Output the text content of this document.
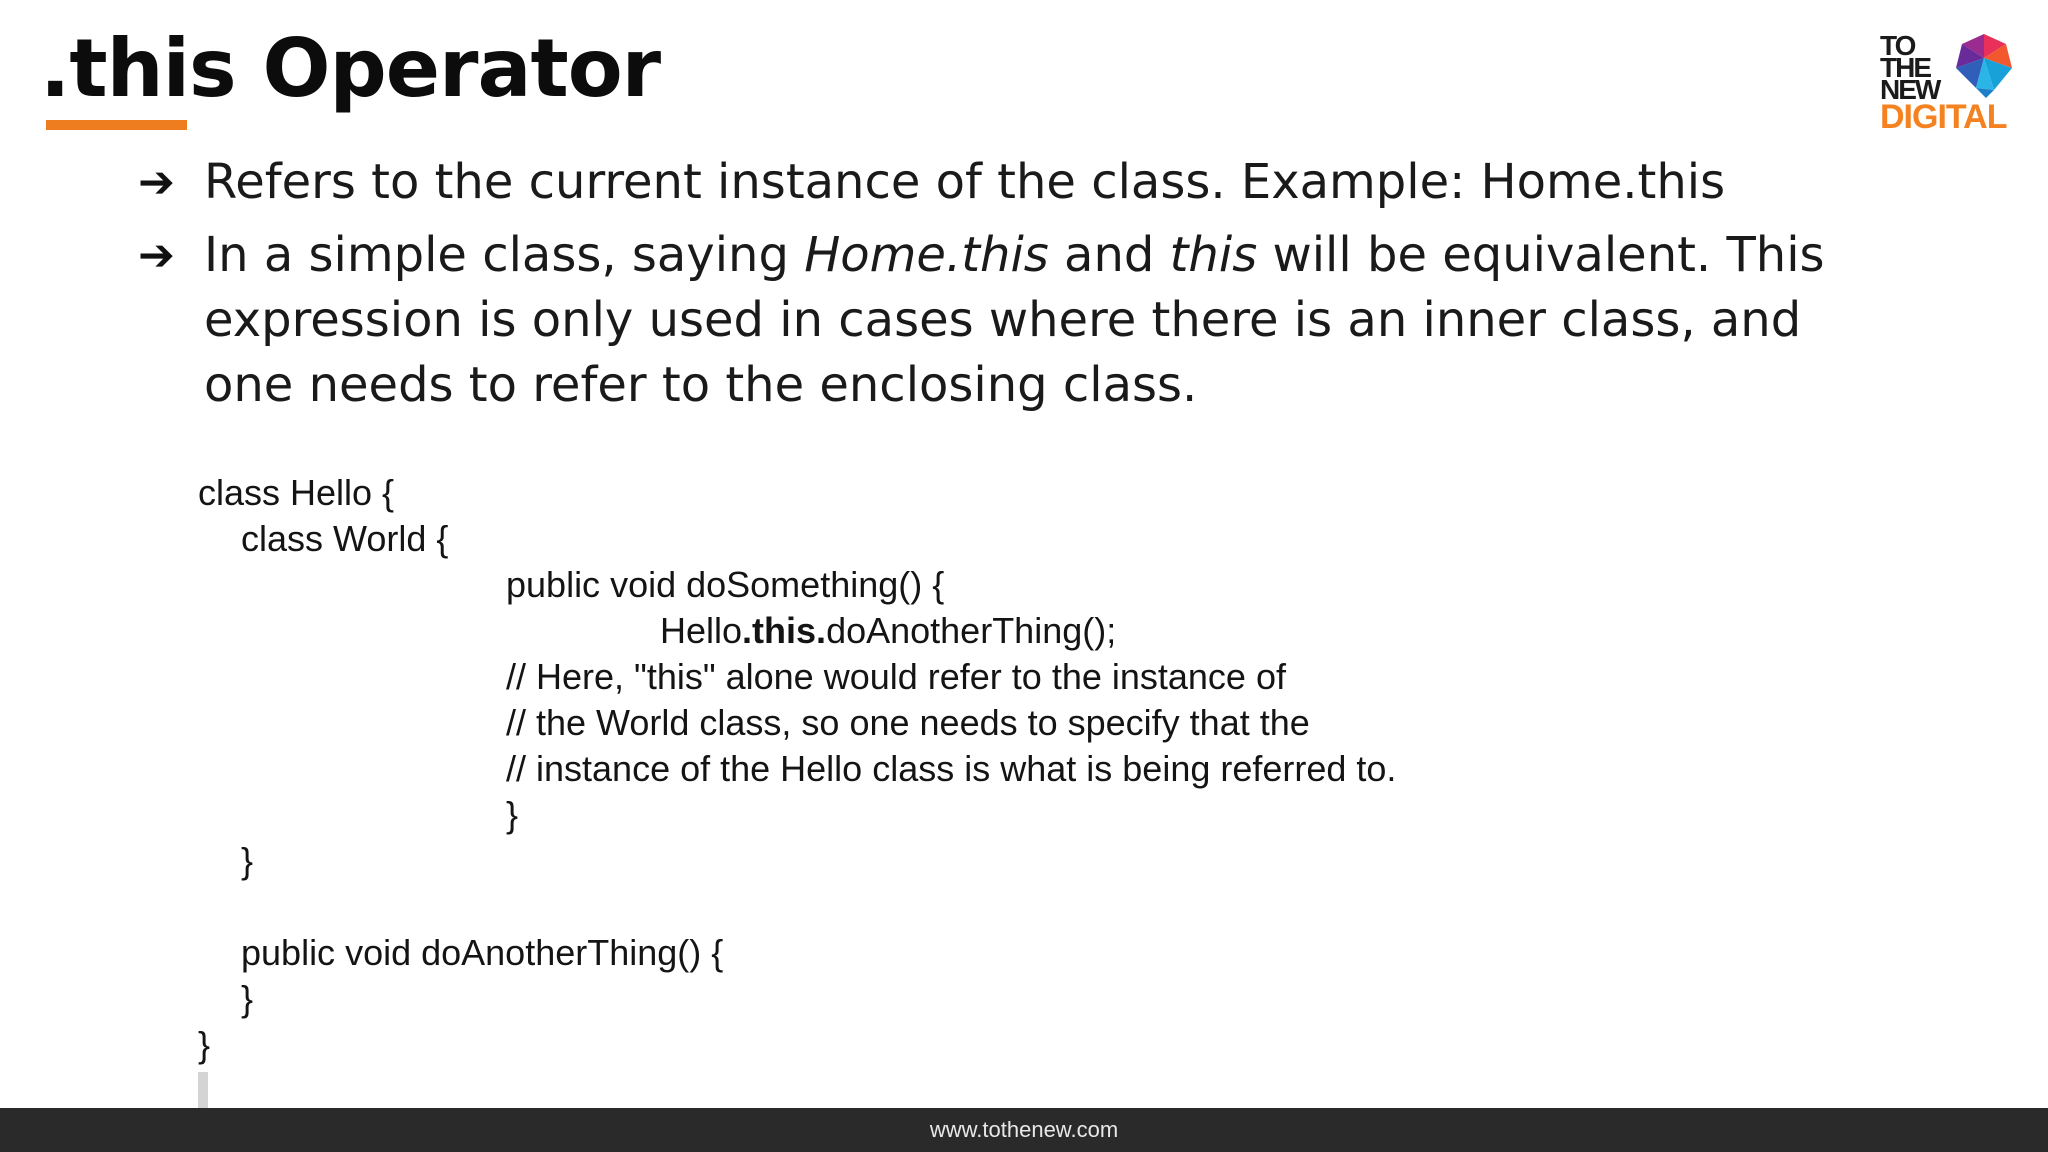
.this Operator	TO
THE
NEW
DIGITAL
➔ Refers to the current instance of the class. Example: Home.this
➔ In a simple class, saying Home.this and this will be equivalent. This expression is only used in cases where there is an inner class, and one needs to refer to the enclosing class.
class Hello {
class World {
public void doSomething() {
Hello.this.doAnotherThing();
// Here, "this" alone would refer to the instance of
// the World class, so one needs to specify that the
// instance of the Hello class is what is being referred to.
}
}
public void doAnotherThing() {
}
}
www.tothenew.com
